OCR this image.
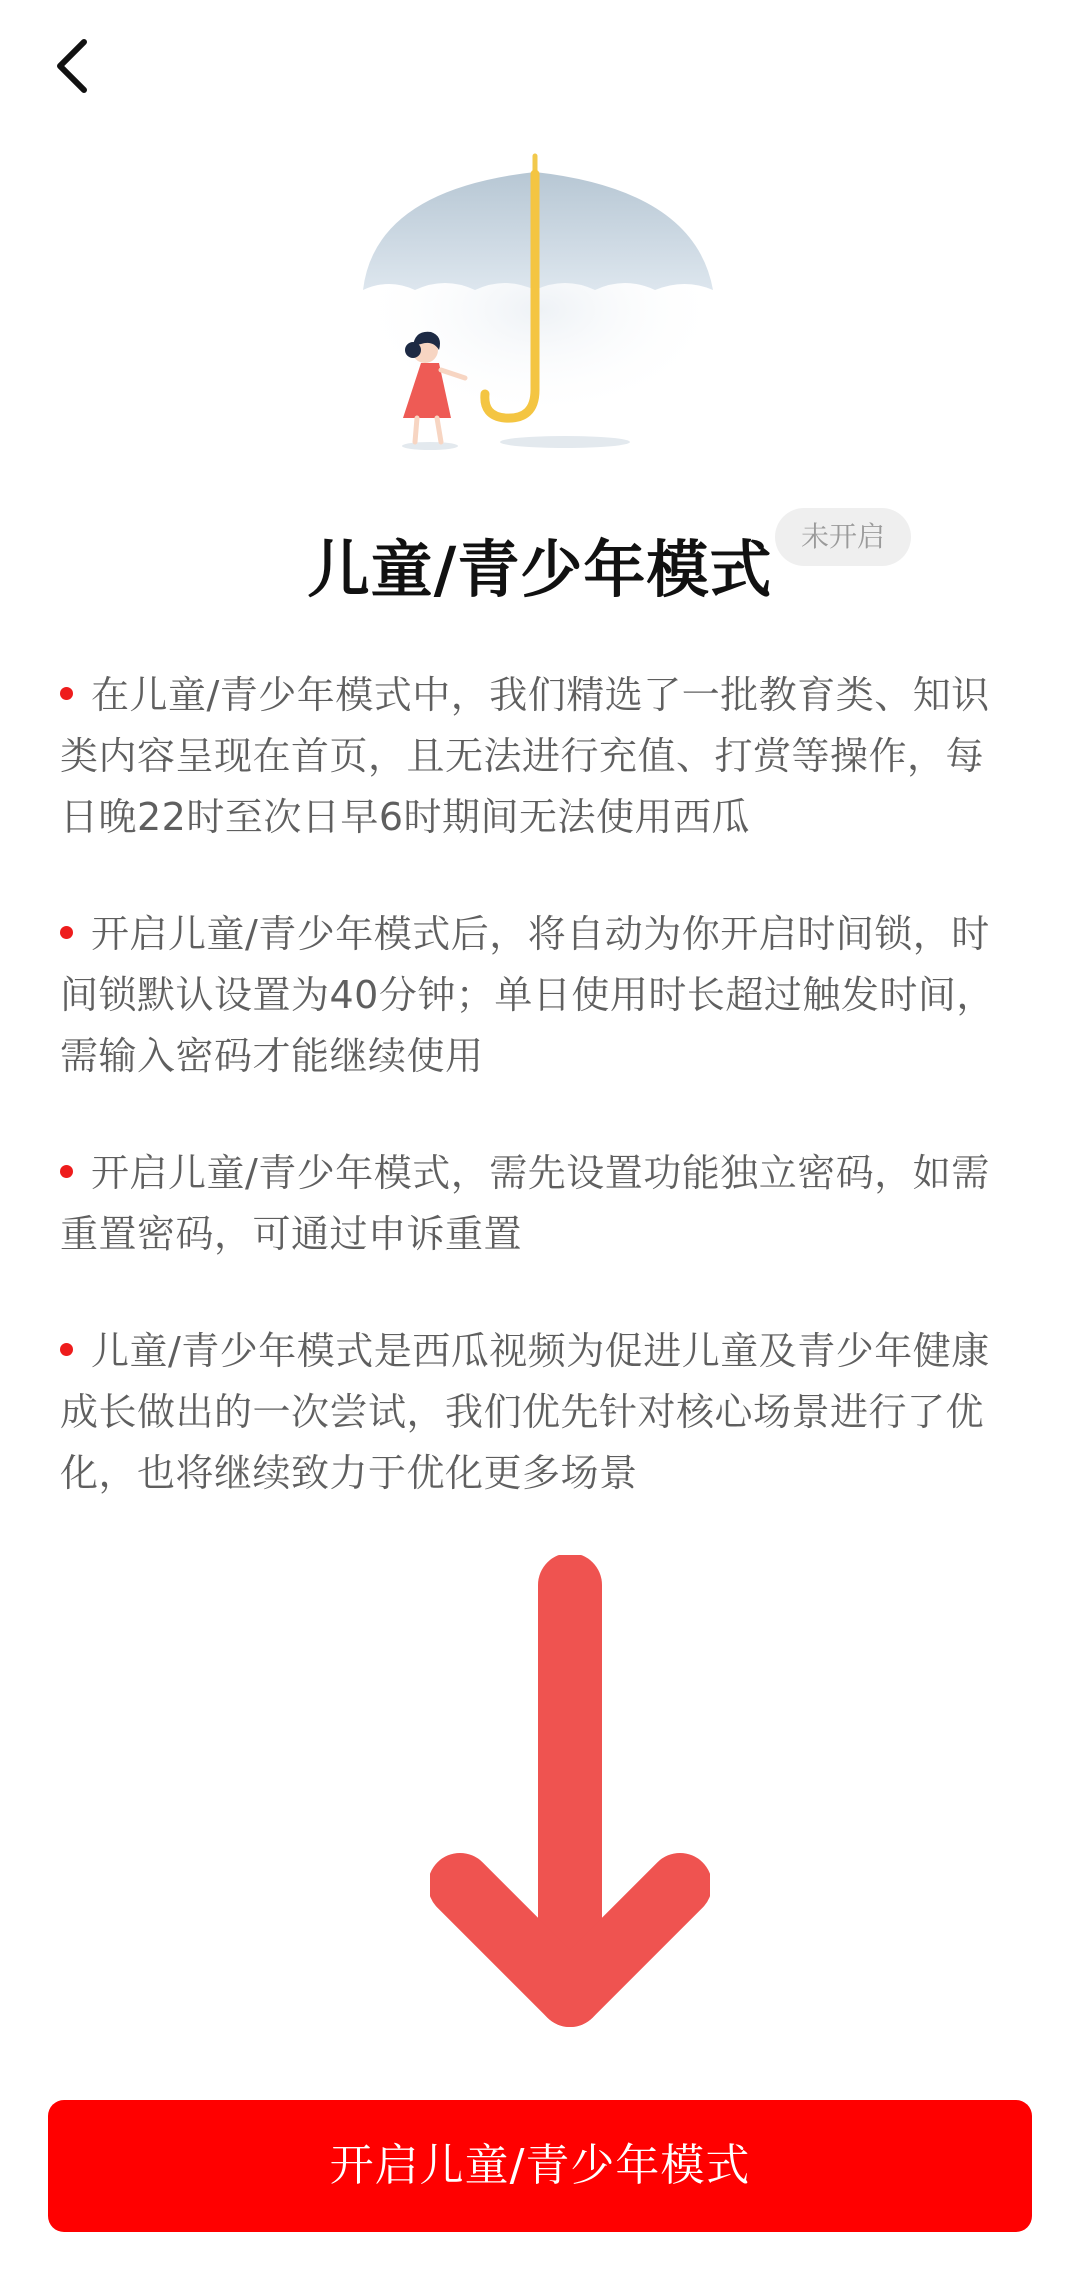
儿童/青少年模式	未开启

在儿童/青少年模式中，我们精选了一批教育类、知识类内容呈现在首页，且无法进行充值、打赏等操作，每日晚22时至次日早6时期间无法使用西瓜

开启儿童/青少年模式后，将自动为你开启时间锁，时间锁默认设置为40分钟；单日使用时长超过触发时间，需输入密码才能继续使用

开启儿童/青少年模式，需先设置功能独立密码，如需重置密码，可通过申诉重置

儿童/青少年模式是西瓜视频为促进儿童及青少年健康成长做出的一次尝试，我们优先针对核心场景进行了优化，也将继续致力于优化更多场景

开启儿童/青少年模式
